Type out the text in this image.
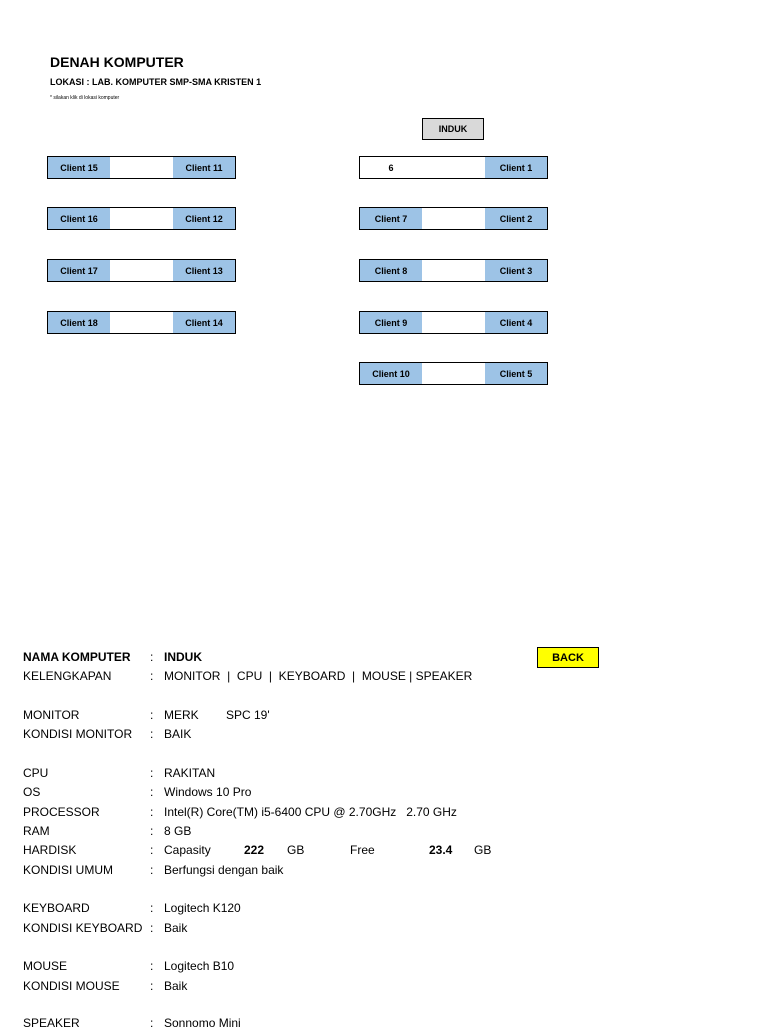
DENAH KOMPUTER
LOKASI : LAB. KOMPUTER SMP-SMA KRISTEN 1
* silakan klik di lokasi komputer
INDUK
Client 15	Client 11
Client 16	Client 12
Client 17	Client 13
Client 18	Client 14
6	Client 1
Client 7	Client 2
Client 8	Client 3
Client 9	Client 4
Client 10	Client 5
BACK
NAMA KOMPUTER : INDUK
KELENGKAPAN	: MONITOR  |  CPU  |  KEYBOARD  |  MOUSE | SPEAKER
MONITOR	: MERK SPC 19'
KONDISI MONITOR : BAIK
CPU	: RAKITAN
OS	: Windows 10 Pro
PROCESSOR	: Intel(R) Core(TM) i5-6400 CPU @ 2.70GHz   2.70 GHz
RAM	: 8 GB
HARDISK	: Capasity	222 GB	Free	23.4 GB
KONDISI UMUM	: Berfungsi dengan baik
KEYBOARD	: Logitech K120
KONDISI KEYBOARD : Baik
MOUSE	: Logitech B10
KONDISI MOUSE	: Baik
SPEAKER	: Sonnomo Mini
